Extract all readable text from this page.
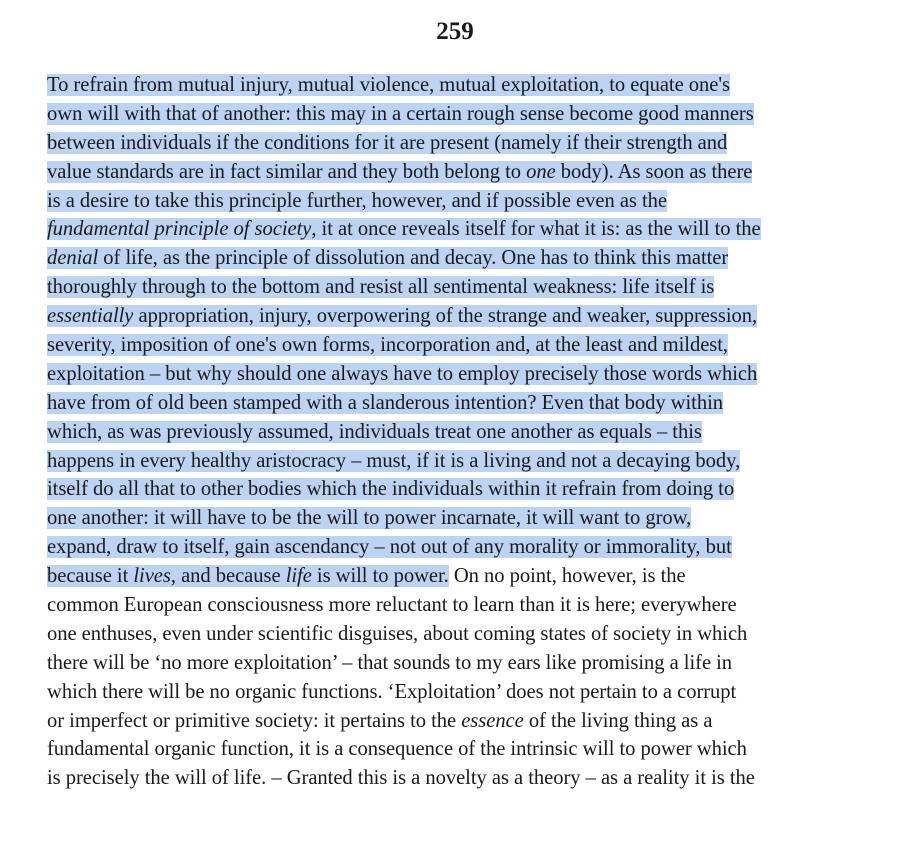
259
To refrain from mutual injury, mutual violence, mutual exploitation, to equate one's
own will with that of another: this may in a certain rough sense become good manners
between individuals if the conditions for it are present (namely if their strength and
value standards are in fact similar and they both belong to one body). As soon as there
is a desire to take this principle further, however, and if possible even as the
fundamental principle of society, it at once reveals itself for what it is: as the will to the
denial of life, as the principle of dissolution and decay. One has to think this matter
thoroughly through to the bottom and resist all sentimental weakness: life itself is
essentially appropriation, injury, overpowering of the strange and weaker, suppression,
severity, imposition of one's own forms, incorporation and, at the least and mildest,
exploitation – but why should one always have to employ precisely those words which
have from of old been stamped with a slanderous intention? Even that body within
which, as was previously assumed, individuals treat one another as equals – this
happens in every healthy aristocracy – must, if it is a living and not a decaying body,
itself do all that to other bodies which the individuals within it refrain from doing to
one another: it will have to be the will to power incarnate, it will want to grow,
expand, draw to itself, gain ascendancy – not out of any morality or immorality, but
because it lives, and because life is will to power. On no point, however, is the
common European consciousness more reluctant to learn than it is here; everywhere
one enthuses, even under scientific disguises, about coming states of society in which
there will be ‘no more exploitation’ – that sounds to my ears like promising a life in
which there will be no organic functions. ‘Exploitation’ does not pertain to a corrupt
or imperfect or primitive society: it pertains to the essence of the living thing as a
fundamental organic function, it is a consequence of the intrinsic will to power which
is precisely the will of life. – Granted this is a novelty as a theory – as a reality it is the
